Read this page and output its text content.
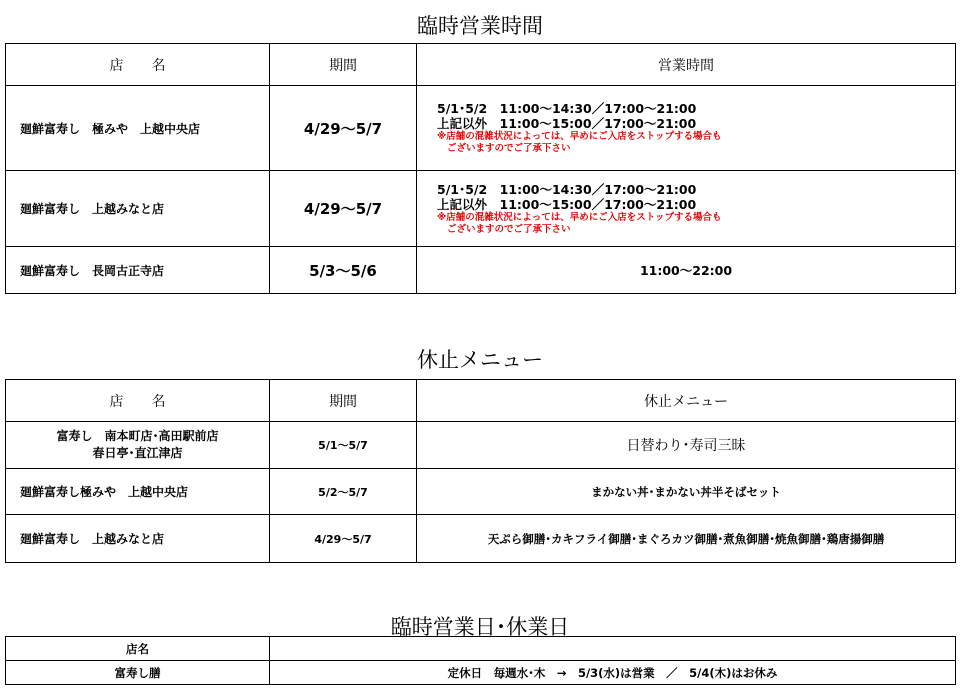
臨時営業時間
店　　名	期間	営業時間
廻鮮富寿し　極みや　上越中央店	4/29～5/7	5/1･5/2　11:00～14:30／17:00～21:00
上記以外　11:00～15:00／17:00～21:00
※店舗の混雑状況によっては、早めにご入店をストップする場合も
ございますのでご了承下さい

廻鮮富寿し　上越みなと店	4/29～5/7	5/1･5/2　11:00～14:30／17:00～21:00
上記以外　11:00～15:00／17:00～21:00
※店舗の混雑状況によっては、早めにご入店をストップする場合も
ございますのでご了承下さい

廻鮮富寿し　長岡古正寺店	5/3～5/6	11:00～22:00
休止メニュー
店　　名	期間	休止メニュー

富寿し　南本町店･高田駅前店
春日亭･直江津店	5/1～5/7	日替わり･寿司三昧
廻鮮富寿し極みや　上越中央店	5/2～5/7	まかない丼･まかない丼半そばセット
廻鮮富寿し　上越みなと店	4/29～5/7	天ぷら御膳･カキフライ御膳･まぐろカツ御膳･煮魚御膳･焼魚御膳･鶏唐揚御膳
臨時営業日･休業日
店名	
富寿し膳	定休日　毎週水･木　→　5/3(水)は営業　／　5/4(木)はお休み
